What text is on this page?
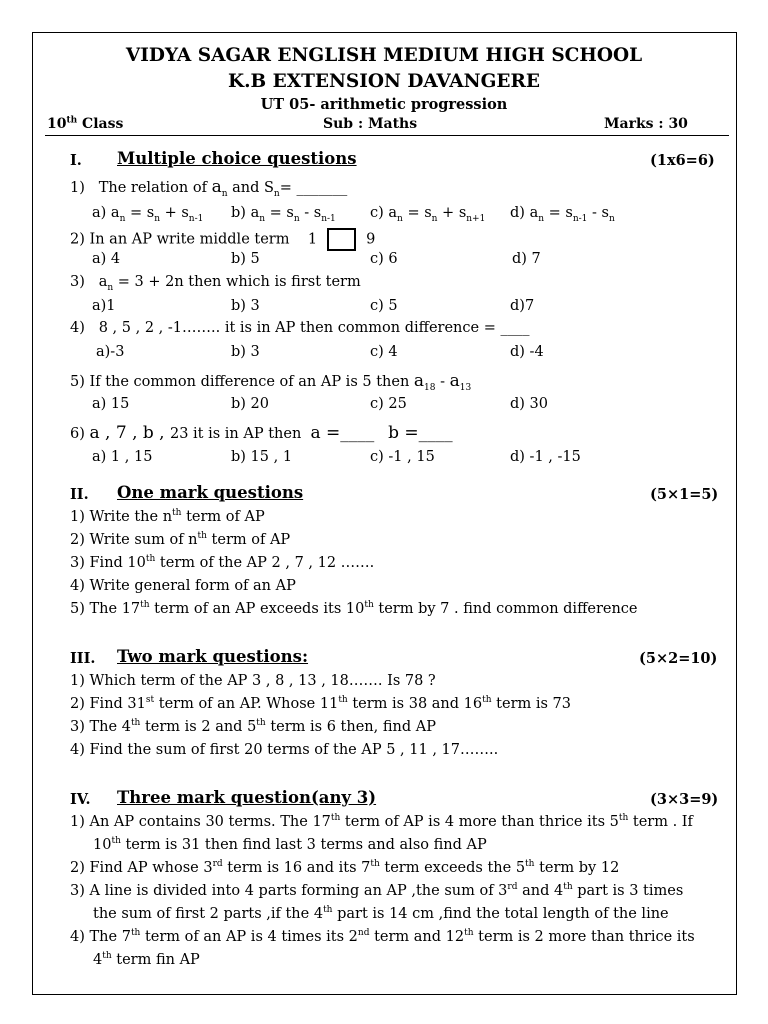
VIDYA SAGAR ENGLISH MEDIUM HIGH SCHOOL
K.B EXTENSION DAVANGERE
UT 05- arithmetic progression
10th Class	Sub : Maths	Marks : 30
I. Multiple choice questions	(1x6=6)
1) The relation of $a_n$ and $S_n=$ _______
a) $a_n = s_n + s_{n-1}$ b) $a_n = s_n - s_{n-1}$ c) $a_n = s_n + s_{n+1}$ d) $a_n = s_{n-1} - s_n$
2) In an AP write middle term 1	9
a) 4	b) 5	c) 6	d) 7
3) $a_n = 3 + 2n$ then which is first term
a)1	b) 3	c) 5	d)7
4) 8 , 5 , 2 , -1…….. it is in AP then common difference = ____
a)-3	b) 3	c) 4	d) -4
5) If the common difference of an AP is 5 then $a_{18} - a_{13}$
a) 15	b) 20	c) 25	d) 30
6) a , 7 , b , 23 it is in AP then  a =____ b =____
a) 1 , 15	b) 15 , 1	c) -1 , 15	d) -1 , -15
II. One mark questions	(5×1=5)
1) Write the $n^{th}$ term of AP
2) Write sum of $n^{th}$ term of AP
3) Find 10th term of the AP 2 , 7 , 12 …….
4) Write general form of an AP
5) The 17th term of an AP exceeds its 10th term by 7 . find common difference
III. Two mark questions:	(5×2=10)
1) Which term of the AP 3 , 8 , 13 , 18……. Is 78 ?
2) Find 31st term of an AP. Whose 11th term is 38 and 16th term is 73
3) The 4th term is 2 and 5th term is 6 then, find AP
4) Find the sum of first 20 terms of the AP 5 , 11 , 17……..
IV. Three mark question(any 3)	(3×3=9)
1) An AP contains 30 terms. The 17th term of AP is 4 more than thrice its 5th term . If
10th term is 31 then find last 3 terms and also find AP
2) Find AP whose 3rd term is 16 and its 7th term exceeds the 5th term by 12
3) A line is divided into 4 parts forming an AP ,the sum of 3rd and 4th part is 3 times
the sum of first 2 parts ,if the 4th part is 14 cm ,find the total length of the line
4) The 7th term of an AP is 4 times its 2nd term and 12th term is 2 more than thrice its
4th term fin AP
